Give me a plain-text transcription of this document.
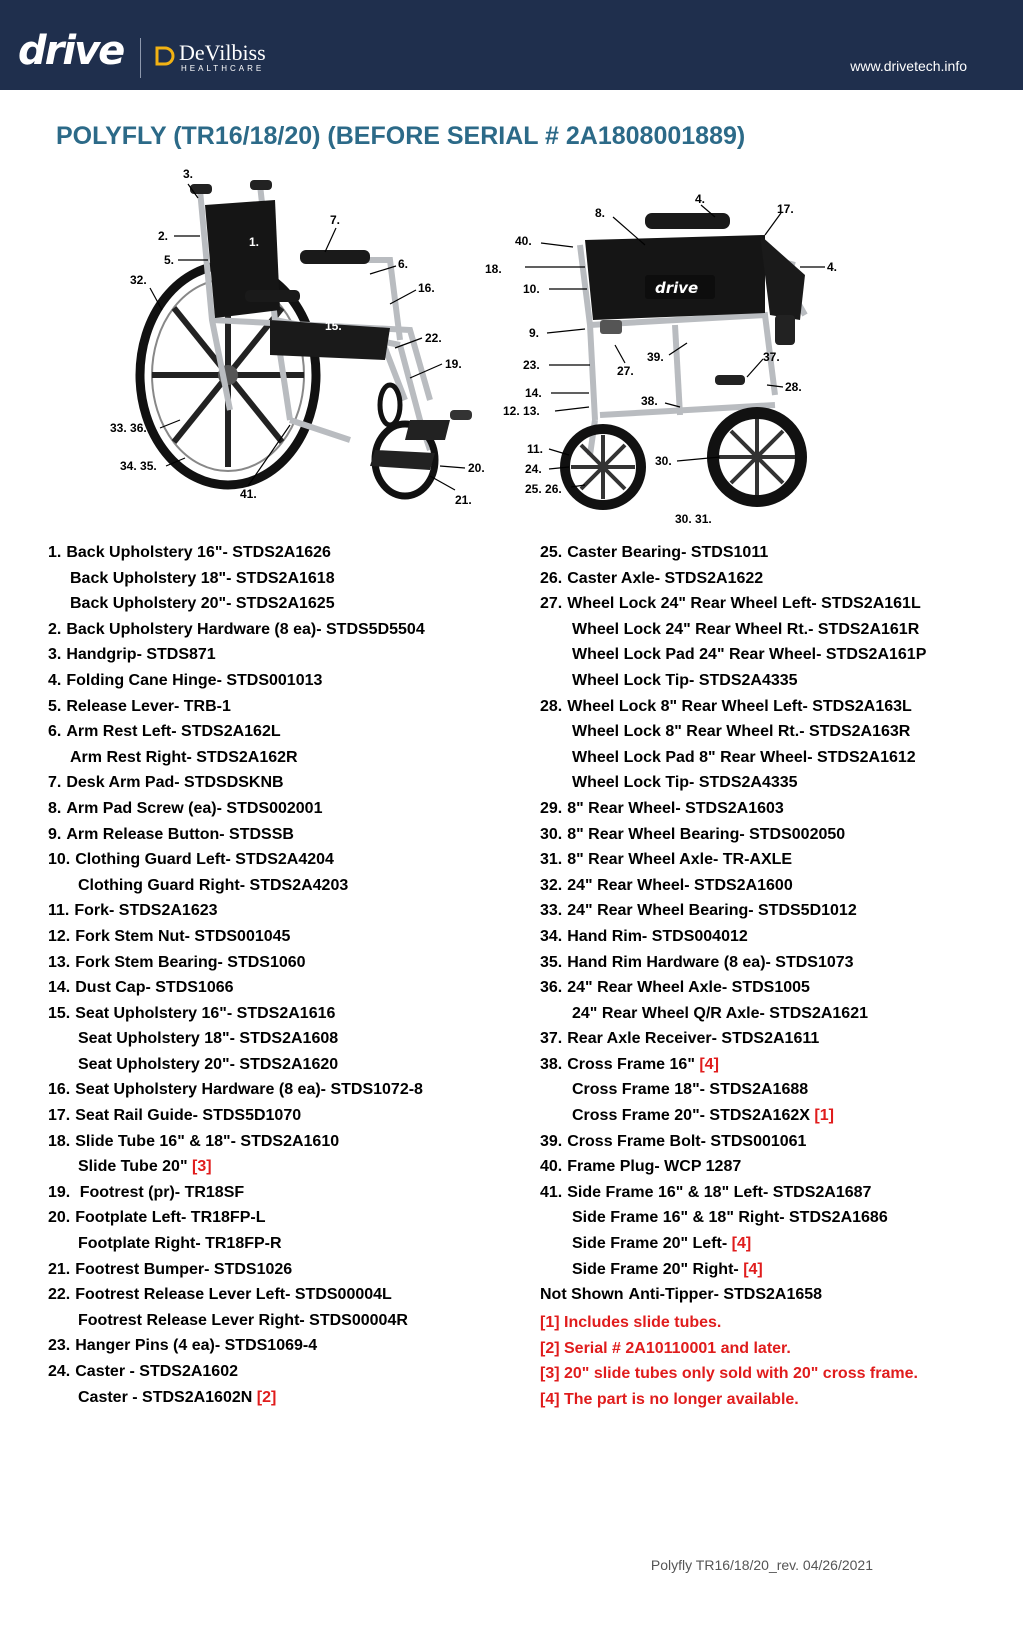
drive	DeVilbiss
HEALTHCARE	www.drivetech.info
POLYFLY (TR16/18/20) (BEFORE SERIAL # 2A1808001889)
3.
2.
5.
1.
7.
32.
6.
16.
15.
22.
19.
33. 36.
34. 35.
41.
20.
21.
drive
4.
17.
8.
40.
18.	4.
10.
9.
23.	27.
39.	37.
28.
14.
38.
12. 13.
11.
30.
24.
25. 26.
30. 31.
1. Back Upholstery 16"- STDS2A1626
Back Upholstery 18"- STDS2A1618
Back Upholstery 20"- STDS2A1625
2. Back Upholstery Hardware (8 ea)- STDS5D5504
3. Handgrip- STDS871
4. Folding Cane Hinge- STDS001013
5. Release Lever- TRB-1
6. Arm Rest Left- STDS2A162L
Arm Rest Right- STDS2A162R
7. Desk Arm Pad- STDSDSKNB
8. Arm Pad Screw (ea)- STDS002001
9. Arm Release Button- STDSSB
10. Clothing Guard Left- STDS2A4204
Clothing Guard Right- STDS2A4203
11. Fork- STDS2A1623
12. Fork Stem Nut- STDS001045
13. Fork Stem Bearing- STDS1060
14. Dust Cap- STDS1066
15. Seat Upholstery 16"- STDS2A1616
Seat Upholstery 18"- STDS2A1608
Seat Upholstery 20"- STDS2A1620
16. Seat Upholstery Hardware (8 ea)- STDS1072-8
17. Seat Rail Guide- STDS5D1070
18. Slide Tube 16" & 18"- STDS2A1610
Slide Tube 20" [3]
19. Footrest (pr)- TR18SF
20. Footplate Left- TR18FP-L
Footplate Right- TR18FP-R
21. Footrest Bumper- STDS1026
22. Footrest Release Lever Left- STDS00004L
Footrest Release Lever Right- STDS00004R
23. Hanger Pins (4 ea)- STDS1069-4
24. Caster - STDS2A1602
Caster - STDS2A1602N [2]
25. Caster Bearing- STDS1011
26. Caster Axle- STDS2A1622
27. Wheel Lock 24" Rear Wheel Left- STDS2A161L
Wheel Lock 24" Rear Wheel Rt.- STDS2A161R
Wheel Lock Pad 24" Rear Wheel- STDS2A161P
Wheel Lock Tip- STDS2A4335
28. Wheel Lock 8" Rear Wheel Left- STDS2A163L
Wheel Lock 8" Rear Wheel Rt.- STDS2A163R
Wheel Lock Pad 8" Rear Wheel- STDS2A1612
Wheel Lock Tip- STDS2A4335
29. 8" Rear Wheel- STDS2A1603
30. 8" Rear Wheel Bearing- STDS002050
31. 8" Rear Wheel Axle- TR-AXLE
32. 24" Rear Wheel- STDS2A1600
33. 24" Rear Wheel Bearing- STDS5D1012
34. Hand Rim- STDS004012
35. Hand Rim Hardware (8 ea)- STDS1073
36. 24" Rear Wheel Axle- STDS1005
24" Rear Wheel Q/R Axle- STDS2A1621
37. Rear Axle Receiver- STDS2A1611
38. Cross Frame 16" [4]
Cross Frame 18"- STDS2A1688
Cross Frame 20"- STDS2A162X [1]
39. Cross Frame Bolt- STDS001061
40. Frame Plug- WCP 1287
41. Side Frame 16" & 18" Left- STDS2A1687
Side Frame 16" & 18" Right- STDS2A1686
Side Frame 20" Left- [4]
Side Frame 20" Right- [4]
Not Shown Anti-Tipper- STDS2A1658
[1] Includes slide tubes.
[2] Serial # 2A10110001 and later.
[3] 20" slide tubes only sold with 20" cross frame.
[4] The part is no longer available.
Polyfly TR16/18/20_rev. 04/26/2021
